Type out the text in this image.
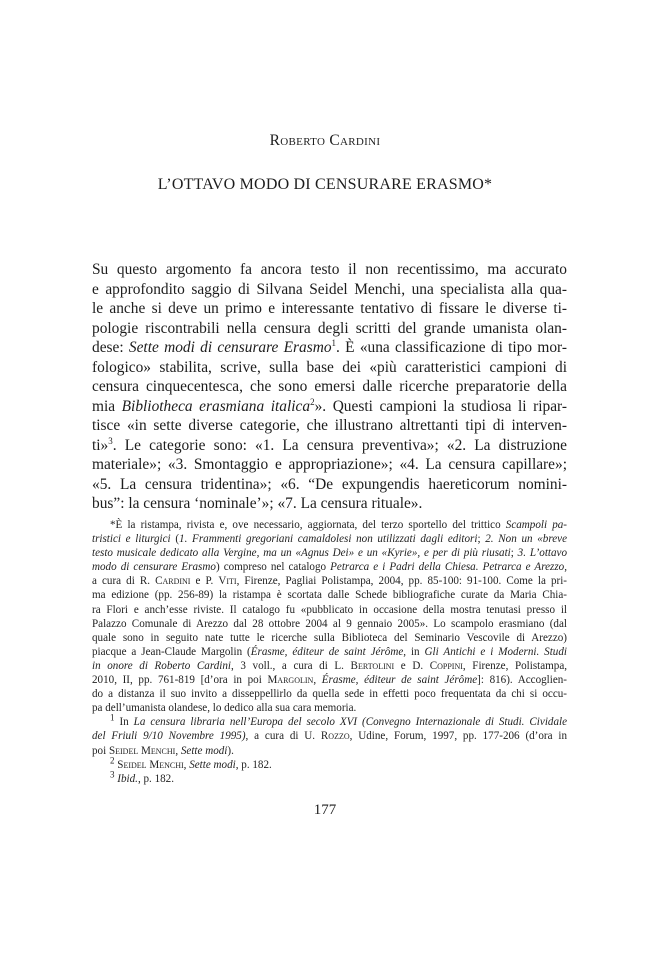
Roberto Cardini
L’OTTAVO MODO DI CENSURARE ERASMO*
Su questo argomento fa ancora testo il non recentissimo, ma accurato
e approfondito saggio di Silvana Seidel Menchi, una specialista alla qua-
le anche si deve un primo e interessante tentativo di fissare le diverse ti-
pologie riscontrabili nella censura degli scritti del grande umanista olan-
dese: Sette modi di censurare Erasmo$^1$. È «una classificazione di tipo mor-
fologico» stabilita, scrive, sulla base dei «più caratteristici campioni di
censura cinquecentesca, che sono emersi dalle ricerche preparatorie della
mia Bibliotheca erasmiana italica$^2$». Questi campioni la studiosa li ripar-
tisce «in sette diverse categorie, che illustrano altrettanti tipi di interven-
ti»$^3$. Le categorie sono: «1. La censura preventiva»; «2. La distruzione
materiale»; «3. Smontaggio e appropriazione»; «4. La censura capillare»;
«5. La censura tridentina»; «6. “De expungendis haereticorum nomini-
bus”: la censura ‘nominale’»; «7. La censura rituale».
*È la ristampa, rivista e, ove necessario, aggiornata, del terzo sportello del trittico Scampoli pa-
tristici e liturgici (1. Frammenti gregoriani camaldolesi non utilizzati dagli editori; 2. Non un «breve
testo musicale dedicato alla Vergine, ma un «Agnus Dei» e un «Kyrie», e per di più riusati; 3. L’ottavo
modo di censurare Erasmo) compreso nel catalogo Petrarca e i Padri della Chiesa. Petrarca e Arezzo,
a cura di R. Cardini e P. Viti, Firenze, Pagliai Polistampa, 2004, pp. 85-100: 91-100. Come la pri-
ma edizione (pp. 256-89) la ristampa è scortata dalle Schede bibliografiche curate da Maria Chia-
ra Flori e anch’esse riviste. Il catalogo fu «pubblicato in occasione della mostra tenutasi presso il
Palazzo Comunale di Arezzo dal 28 ottobre 2004 al 9 gennaio 2005». Lo scampolo erasmiano (dal
quale sono in seguito nate tutte le ricerche sulla Biblioteca del Seminario Vescovile di Arezzo)
piacque a Jean-Claude Margolin (Érasme, éditeur de saint Jérôme, in Gli Antichi e i Moderni. Studi
in onore di Roberto Cardini, 3 voll., a cura di L. Bertolini e D. Coppini, Firenze, Polistampa,
2010, II, pp. 761-819 [d’ora in poi Margolin, Érasme, éditeur de saint Jérôme]: 816). Accoglien-
do a distanza il suo invito a disseppellirlo da quella sede in effetti poco frequentata da chi si occu-
pa dell’umanista olandese, lo dedico alla sua cara memoria.
$^1$ In La censura libraria nell’Europa del secolo XVI (Convegno Internazionale di Studi. Cividale
del Friuli 9/10 Novembre 1995), a cura di U. Rozzo, Udine, Forum, 1997, pp. 177-206 (d’ora in
poi Seidel Menchi, Sette modi).
$^2$ Seidel Menchi, Sette modi, p. 182.
$^3$ Ibid., p. 182.
177
